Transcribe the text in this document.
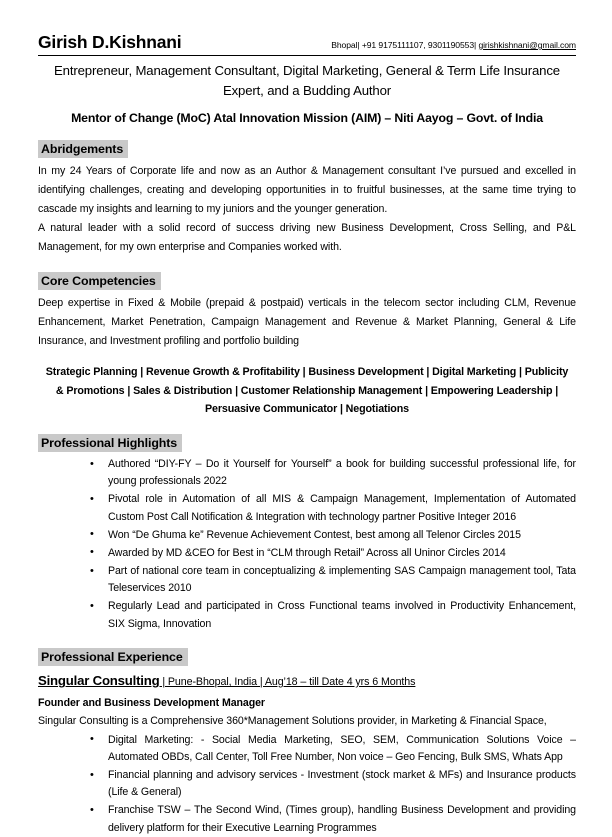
Girish D.Kishnani	Bhopal| +91 9175111107, 9301190553| girishkishnani@gmail.com
Entrepreneur, Management Consultant, Digital Marketing, General & Term Life Insurance Expert, and a Budding Author
Mentor of Change (MoC) Atal Innovation Mission (AIM) – Niti Aayog – Govt. of India
Abridgements

In my 24 Years of Corporate life and now as an Author & Management consultant I’ve pursued and excelled in identifying challenges, creating and developing opportunities in to fruitful businesses, at the same time trying to cascade my insights and learning to my juniors and the younger generation.

A natural leader with a solid record of success driving new Business Development, Cross Selling, and P&L Management, for my own enterprise and Companies worked with.

Core Competencies

Deep expertise in Fixed & Mobile (prepaid & postpaid) verticals in the telecom sector including CLM, Revenue Enhancement, Market Penetration, Campaign Management and Revenue & Market Planning, General & Life Insurance, and Investment profiling and portfolio building

Strategic Planning | Revenue Growth & Profitability | Business Development | Digital Marketing | Publicity & Promotions | Sales & Distribution | Customer Relationship Management | Empowering Leadership | Persuasive Communicator | Negotiations

Professional Highlights
• Authored “DIY-FY – Do it Yourself for Yourself” a book for building successful professional life, for young professionals 2022
• Pivotal role in Automation of all MIS & Campaign Management, Implementation of Automated Custom Post Call Notification & Integration with technology partner Positive Integer 2016
• Won “De Ghuma ke” Revenue Achievement Contest, best among all Telenor Circles 2015
• Awarded by MD &CEO for Best in “CLM through Retail” Across all Uninor Circles 2014
• Part of national core team in conceptualizing & implementing SAS Campaign management tool, Tata Teleservices 2010
• Regularly Lead and participated in Cross Functional teams involved in Productivity Enhancement, SIX Sigma, Innovation
Professional Experience

Singular Consulting | Pune-Bhopal, India | Aug’18 – till Date 4 yrs 6 Months

Founder and Business Development Manager

Singular Consulting is a Comprehensive 360*Management Solutions provider, in Marketing & Financial Space,

• Digital Marketing: - Social Media Marketing, SEO, SEM, Communication Solutions Voice – Automated OBDs, Call Center, Toll Free Number, Non voice – Geo Fencing, Bulk SMS, Whats App
• Financial planning and advisory services - Investment (stock market & MFs) and Insurance products (Life & General)
• Franchise TSW – The Second Wind, (Times group), handling Business Development and providing delivery platform for their Executive Learning Programmes
